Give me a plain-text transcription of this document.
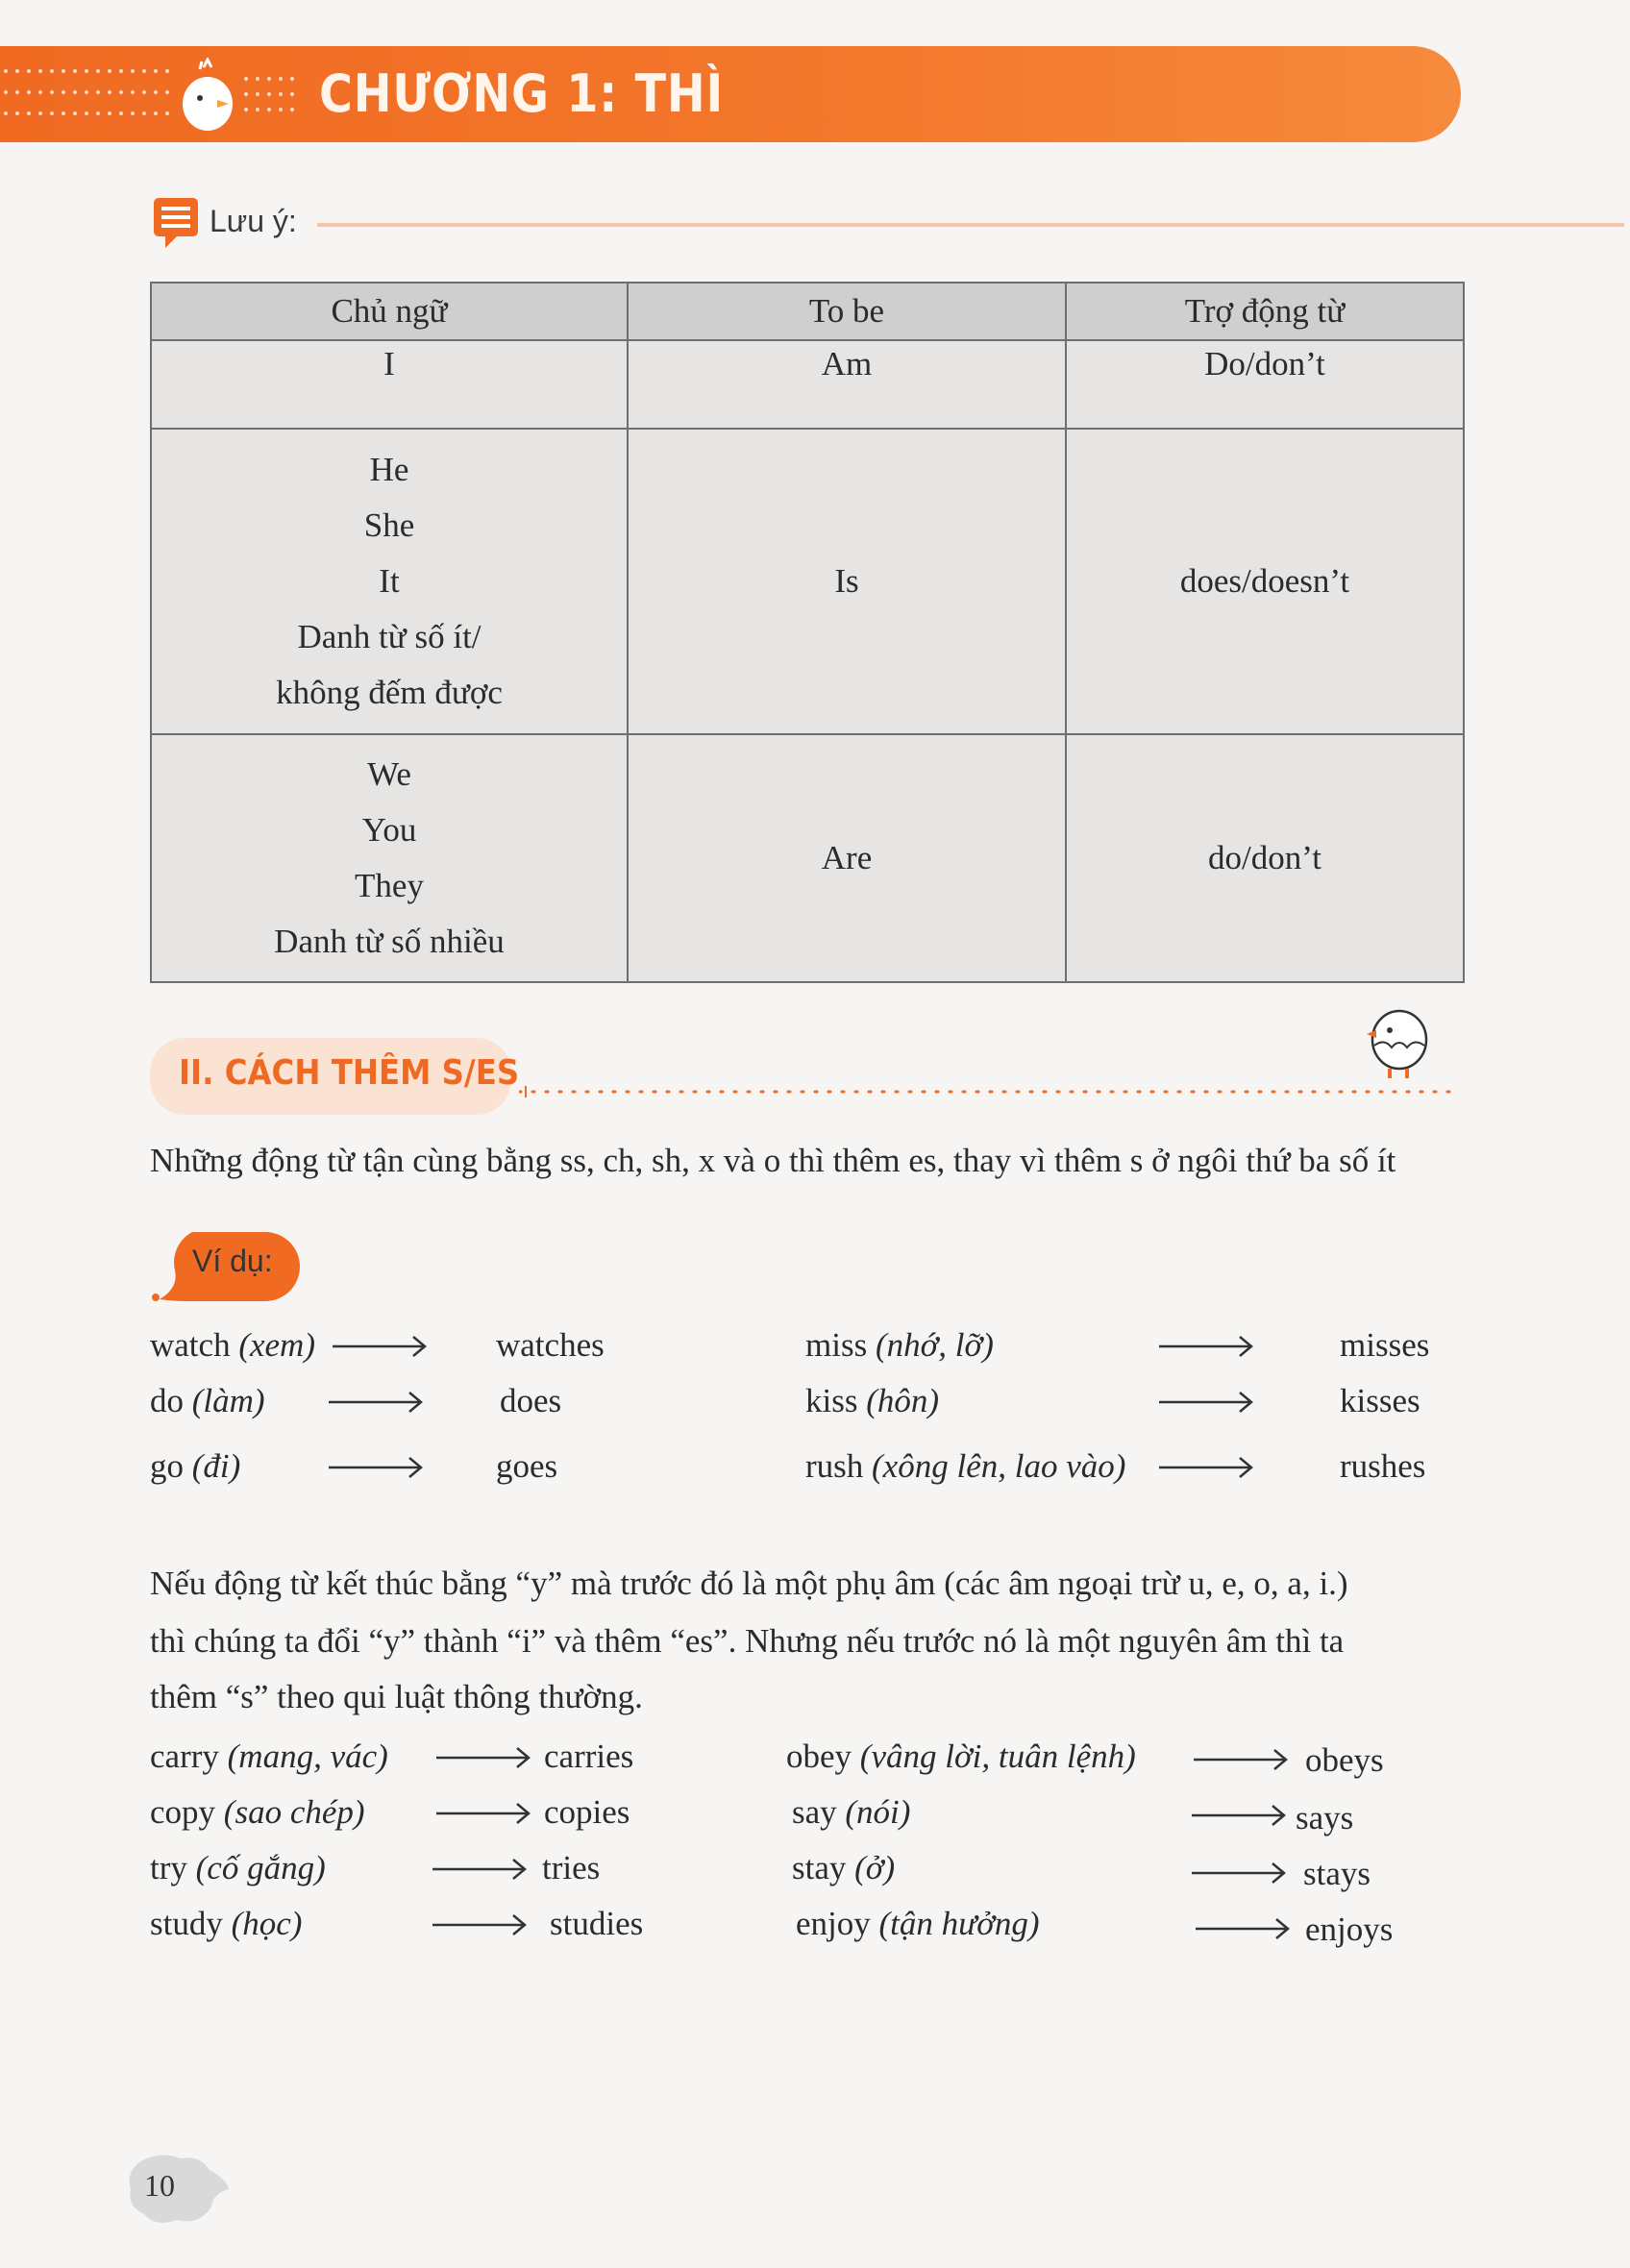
CHƯƠNG 1: THÌ
Lưu ý:
Chủ ngữ	To be	Trợ động từ
I	Am	Do/don’t

He
She
It
Danh từ số ít/
không đếm được	Is	does/doesn’t

We
You
They
Danh từ số nhiều	Are	do/don’t
II. CÁCH THÊM S/ES
Những động từ tận cùng bằng ss, ch, sh, x và o thì thêm es, thay vì thêm s ở ngôi thứ ba số ít
Ví dụ:
watch (xem)	watches	miss (nhớ, lỡ)	misses
do (làm)	does	kiss (hôn)	kisses
go (đi)	goes	rush (xông lên, lao vào)	rushes
Nếu động từ kết thúc bằng “y” mà trước đó là một phụ âm (các âm ngoại trừ u, e, o, a, i.)
thì chúng ta đổi “y” thành “i” và thêm “es”. Nhưng nếu trước nó là một nguyên âm thì ta
thêm “s” theo qui luật thông thường.
carry (mang, vác)	carries	obey (vâng lời, tuân lệnh)	obeys
copy (sao chép)	copies	say (nói)	says
try (cố gắng)	tries	stay (ở)	stays
study (học)	studies	enjoy (tận hưởng)	enjoys
10
